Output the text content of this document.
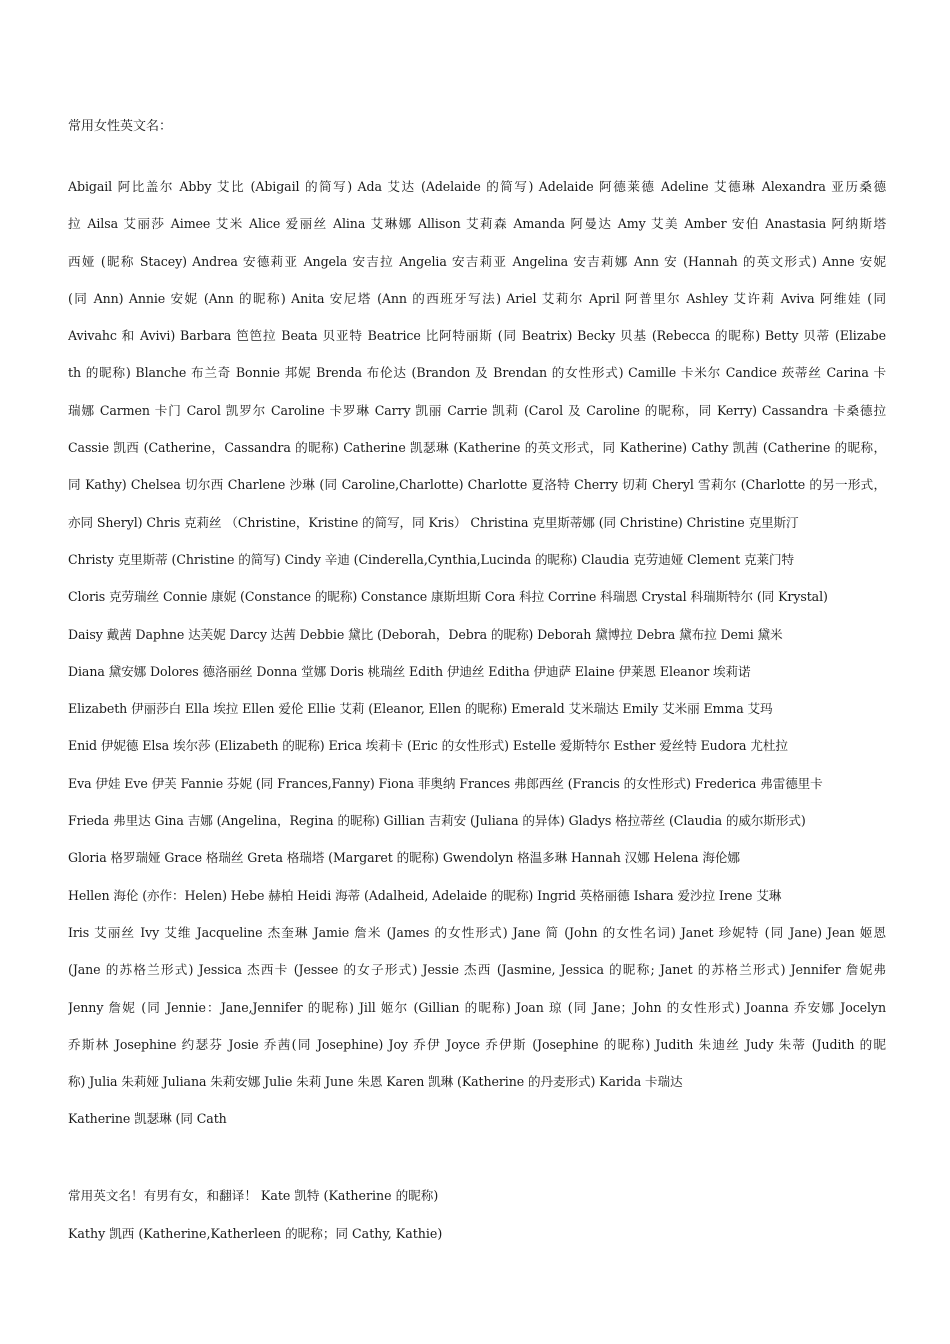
常用女性英文名：
Abigail 阿比盖尔 Abby 艾比 (Abigail 的简写) Ada 艾达 (Adelaide 的简写) Adelaide 阿德莱德 Adeline 艾德琳 Alexandra 亚历桑德
拉 Ailsa 艾丽莎 Aimee 艾米 Alice 爱丽丝 Alina 艾琳娜 Allison 艾莉森 Amanda 阿曼达 Amy 艾美 Amber 安伯 Anastasia 阿纳斯塔
西娅 (昵称 Stacey) Andrea 安德莉亚 Angela 安吉拉 Angelia 安吉莉亚 Angelina 安吉莉娜 Ann 安 (Hannah 的英文形式) Anne 安妮
(同 Ann) Annie 安妮 (Ann 的昵称) Anita 安尼塔 (Ann 的西班牙写法) Ariel 艾莉尔 April 阿普里尔 Ashley 艾许莉 Aviva 阿维娃 (同
Avivahc 和 Avivi) Barbara 笆笆拉 Beata 贝亚特 Beatrice 比阿特丽斯 (同 Beatrix) Becky 贝基 (Rebecca 的昵称) Betty 贝蒂 (Elizabe
th 的昵称) Blanche 布兰奇 Bonnie 邦妮 Brenda 布伦达 (Brandon 及 Brendan 的女性形式) Camille 卡米尔 Candice 莰蒂丝 Carina 卡
瑞娜 Carmen 卡门 Carol 凯罗尔 Caroline 卡罗琳 Carry 凯丽 Carrie 凯莉 (Carol 及 Caroline 的昵称，同 Kerry) Cassandra 卡桑德拉
Cassie 凯西 (Catherine，Cassandra 的昵称) Catherine 凯瑟琳 (Katherine 的英文形式，同 Katherine) Cathy 凯茜 (Catherine 的昵称，
同 Kathy) Chelsea 切尔西 Charlene 沙琳 (同 Caroline,Charlotte) Charlotte 夏洛特 Cherry 切莉 Cheryl 雪莉尔 (Charlotte 的另一形式，
亦同 Sheryl) Chris 克莉丝 （Christine，Kristine 的简写，同 Kris） Christina 克里斯蒂娜 (同 Christine) Christine 克里斯汀
Christy 克里斯蒂 (Christine 的简写) Cindy 辛迪 (Cinderella,Cynthia,Lucinda 的昵称) Claudia 克劳迪娅 Clement 克莱门特
Cloris 克劳瑞丝 Connie 康妮 (Constance 的昵称) Constance 康斯坦斯 Cora 科拉 Corrine 科瑞恩 Crystal 科瑞斯特尔 (同 Krystal)
Daisy 戴茜 Daphne 达芙妮 Darcy 达茜 Debbie 黛比 (Deborah，Debra 的昵称) Deborah 黛博拉 Debra 黛布拉 Demi 黛米
Diana 黛安娜 Dolores 德洛丽丝 Donna 堂娜 Doris 桃瑞丝 Edith 伊迪丝 Editha 伊迪萨 Elaine 伊莱恩 Eleanor 埃莉诺
Elizabeth 伊丽莎白 Ella 埃拉 Ellen 爱伦 Ellie 艾莉 (Eleanor, Ellen 的昵称) Emerald 艾米瑞达 Emily 艾米丽 Emma 艾玛
Enid 伊妮德 Elsa 埃尔莎 (Elizabeth 的昵称) Erica 埃莉卡 (Eric 的女性形式) Estelle 爱斯特尔 Esther 爱丝特 Eudora 尤杜拉
Eva 伊娃 Eve 伊芙 Fannie 芬妮 (同 Frances,Fanny) Fiona 菲奥纳 Frances 弗郎西丝 (Francis 的女性形式) Frederica 弗雷德里卡
Frieda 弗里达 Gina 吉娜 (Angelina，Regina 的昵称) Gillian 吉莉安 (Juliana 的异体) Gladys 格拉蒂丝 (Claudia 的威尔斯形式)
Gloria 格罗瑞娅 Grace 格瑞丝 Greta 格瑞塔 (Margaret 的昵称) Gwendolyn 格温多琳 Hannah 汉娜 Helena 海伦娜
Hellen 海伦 (亦作：Helen) Hebe 赫柏 Heidi 海蒂 (Adalheid, Adelaide 的昵称) Ingrid 英格丽德 Ishara 爱沙拉 Irene 艾琳
Iris 艾丽丝 Ivy 艾维 Jacqueline 杰奎琳 Jamie 詹米 (James 的女性形式) Jane 简 (John 的女性名词) Janet 珍妮特 (同 Jane) Jean 姬恩
(Jane 的苏格兰形式) Jessica 杰西卡 (Jessee 的女子形式) Jessie 杰西 (Jasmine, Jessica 的昵称; Janet 的苏格兰形式) Jennifer 詹妮弗
Jenny 詹妮 (同 Jennie：Jane,Jennifer 的昵称) Jill 姬尔 (Gillian 的昵称) Joan 琼 (同 Jane；John 的女性形式) Joanna 乔安娜 Jocelyn
乔斯林 Josephine 约瑟芬 Josie 乔茜(同 Josephine) Joy 乔伊 Joyce 乔伊斯 (Josephine 的昵称) Judith 朱迪丝 Judy 朱蒂 (Judith 的昵
称) Julia 朱莉娅 Juliana 朱莉安娜 Julie 朱莉 June 朱恩 Karen 凯琳 (Katherine 的丹麦形式) Karida 卡瑞达
Katherine 凯瑟琳 (同 Cath
常用英文名！有男有女，和翻译！ Kate 凯特 (Katherine 的昵称)
Kathy 凯西 (Katherine,Katherleen 的昵称；同 Cathy, Kathie)
